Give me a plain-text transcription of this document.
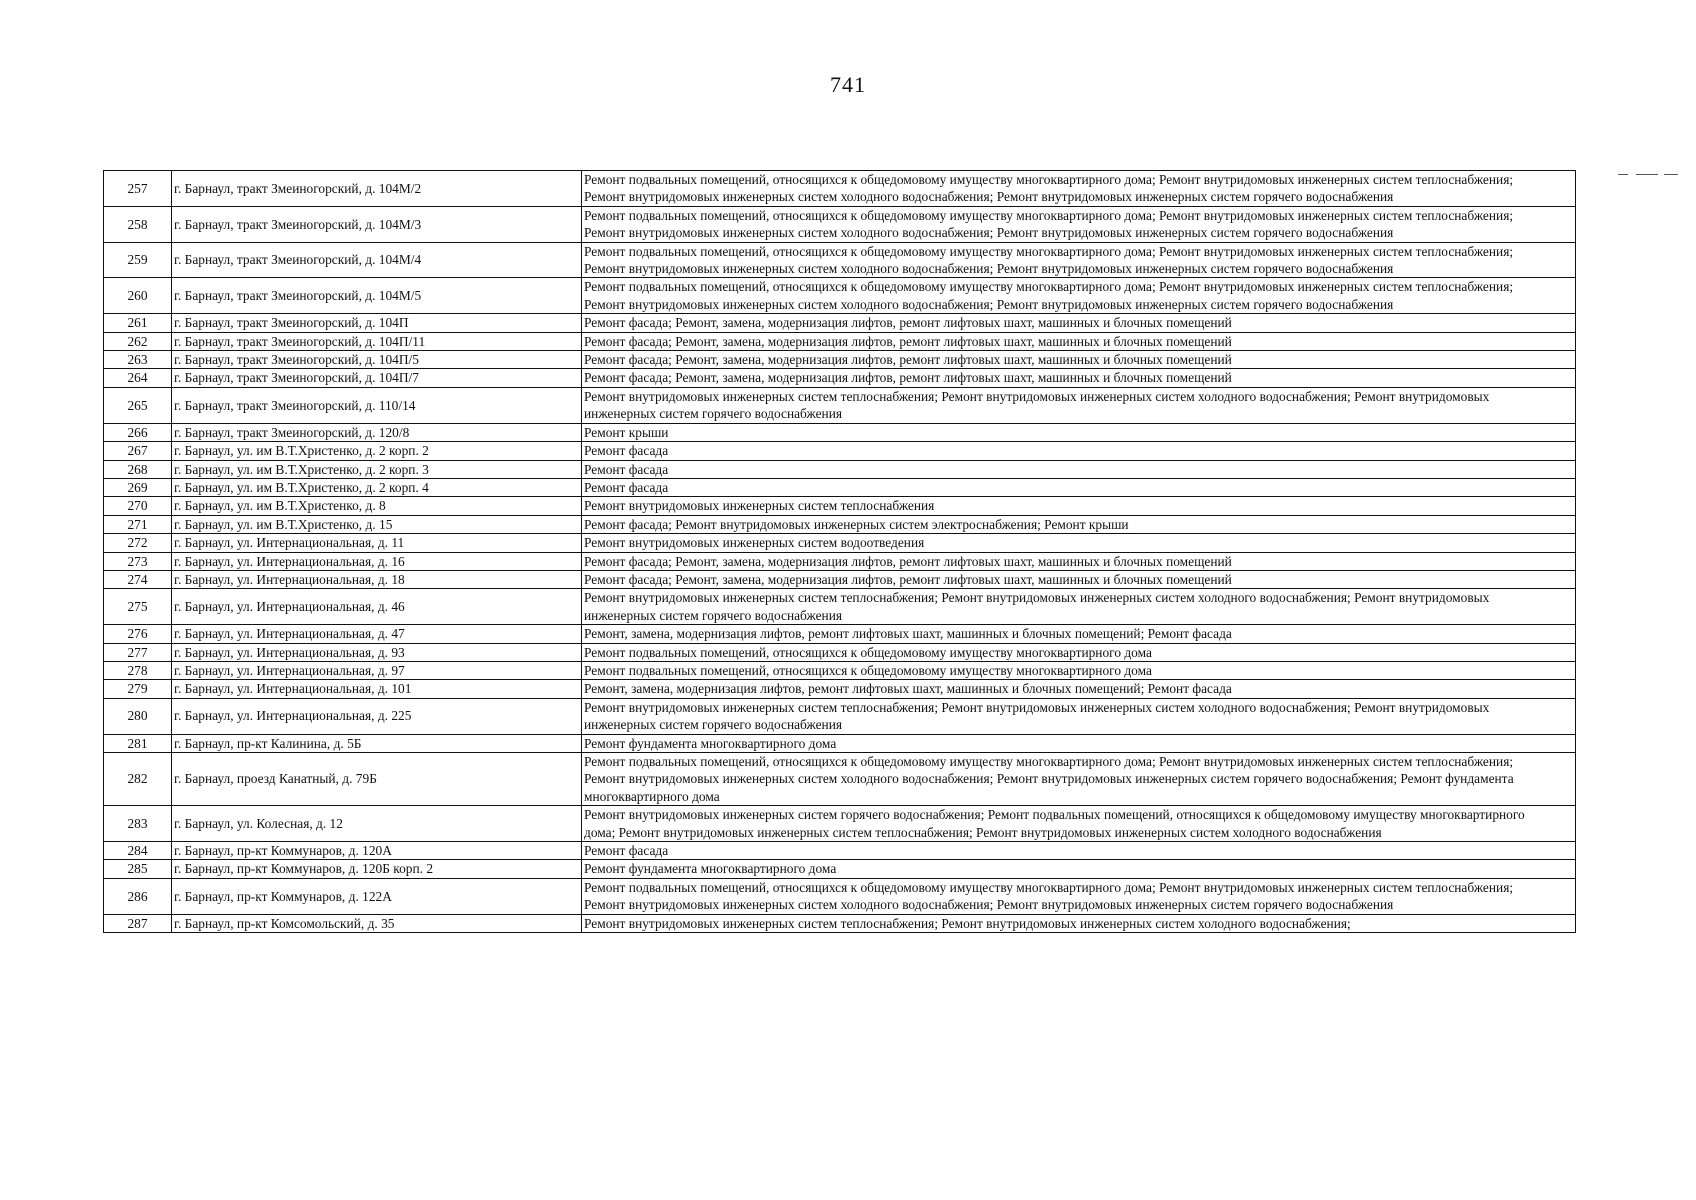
741
257	г. Барнаул, тракт Змеиногорский, д. 104М/2	Ремонт подвальных помещений, относящихся к общедомовому имуществу многоквартирного дома; Ремонт внутридомовых инженерных систем теплоснабжения; Ремонт внутридомовых инженерных систем холодного водоснабжения; Ремонт внутридомовых инженерных систем горячего водоснабжения
258	г. Барнаул, тракт Змеиногорский, д. 104М/3	Ремонт подвальных помещений, относящихся к общедомовому имуществу многоквартирного дома; Ремонт внутридомовых инженерных систем теплоснабжения; Ремонт внутридомовых инженерных систем холодного водоснабжения; Ремонт внутридомовых инженерных систем горячего водоснабжения
259	г. Барнаул, тракт Змеиногорский, д. 104М/4	Ремонт подвальных помещений, относящихся к общедомовому имуществу многоквартирного дома; Ремонт внутридомовых инженерных систем теплоснабжения; Ремонт внутридомовых инженерных систем холодного водоснабжения; Ремонт внутридомовых инженерных систем горячего водоснабжения
260	г. Барнаул, тракт Змеиногорский, д. 104М/5	Ремонт подвальных помещений, относящихся к общедомовому имуществу многоквартирного дома; Ремонт внутридомовых инженерных систем теплоснабжения; Ремонт внутридомовых инженерных систем холодного водоснабжения; Ремонт внутридомовых инженерных систем горячего водоснабжения
261	г. Барнаул, тракт Змеиногорский, д. 104П	Ремонт фасада; Ремонт, замена, модернизация лифтов, ремонт лифтовых шахт, машинных и блочных помещений
262	г. Барнаул, тракт Змеиногорский, д. 104П/11	Ремонт фасада; Ремонт, замена, модернизация лифтов, ремонт лифтовых шахт, машинных и блочных помещений
263	г. Барнаул, тракт Змеиногорский, д. 104П/5	Ремонт фасада; Ремонт, замена, модернизация лифтов, ремонт лифтовых шахт, машинных и блочных помещений
264	г. Барнаул, тракт Змеиногорский, д. 104П/7	Ремонт фасада; Ремонт, замена, модернизация лифтов, ремонт лифтовых шахт, машинных и блочных помещений
265	г. Барнаул, тракт Змеиногорский, д. 110/14	Ремонт внутридомовых инженерных систем теплоснабжения; Ремонт внутридомовых инженерных систем холодного водоснабжения; Ремонт внутридомовых инженерных систем горячего водоснабжения
266	г. Барнаул, тракт Змеиногорский, д. 120/8	Ремонт крыши
267	г. Барнаул, ул. им В.Т.Христенко, д. 2 корп. 2	Ремонт фасада
268	г. Барнаул, ул. им В.Т.Христенко, д. 2 корп. 3	Ремонт фасада
269	г. Барнаул, ул. им В.Т.Христенко, д. 2 корп. 4	Ремонт фасада
270	г. Барнаул, ул. им В.Т.Христенко, д. 8	Ремонт внутридомовых инженерных систем теплоснабжения
271	г. Барнаул, ул. им В.Т.Христенко, д. 15	Ремонт фасада; Ремонт внутридомовых инженерных систем электроснабжения; Ремонт крыши
272	г. Барнаул, ул. Интернациональная, д. 11	Ремонт внутридомовых инженерных систем водоотведения
273	г. Барнаул, ул. Интернациональная, д. 16	Ремонт фасада; Ремонт, замена, модернизация лифтов, ремонт лифтовых шахт, машинных и блочных помещений
274	г. Барнаул, ул. Интернациональная, д. 18	Ремонт фасада; Ремонт, замена, модернизация лифтов, ремонт лифтовых шахт, машинных и блочных помещений
275	г. Барнаул, ул. Интернациональная, д. 46	Ремонт внутридомовых инженерных систем теплоснабжения; Ремонт внутридомовых инженерных систем холодного водоснабжения; Ремонт внутридомовых инженерных систем горячего водоснабжения
276	г. Барнаул, ул. Интернациональная, д. 47	Ремонт, замена, модернизация лифтов, ремонт лифтовых шахт, машинных и блочных помещений; Ремонт фасада
277	г. Барнаул, ул. Интернациональная, д. 93	Ремонт подвальных помещений, относящихся к общедомовому имуществу многоквартирного дома
278	г. Барнаул, ул. Интернациональная, д. 97	Ремонт подвальных помещений, относящихся к общедомовому имуществу многоквартирного дома
279	г. Барнаул, ул. Интернациональная, д. 101	Ремонт, замена, модернизация лифтов, ремонт лифтовых шахт, машинных и блочных помещений; Ремонт фасада
280	г. Барнаул, ул. Интернациональная, д. 225	Ремонт внутридомовых инженерных систем теплоснабжения; Ремонт внутридомовых инженерных систем холодного водоснабжения; Ремонт внутридомовых инженерных систем горячего водоснабжения
281	г. Барнаул, пр-кт Калинина, д. 5Б	Ремонт фундамента многоквартирного дома
282	г. Барнаул, проезд Канатный, д. 79Б	Ремонт подвальных помещений, относящихся к общедомовому имуществу многоквартирного дома; Ремонт внутридомовых инженерных систем теплоснабжения; Ремонт внутридомовых инженерных систем холодного водоснабжения; Ремонт внутридомовых инженерных систем горячего водоснабжения; Ремонт фундамента многоквартирного дома
283	г. Барнаул, ул. Колесная, д. 12	Ремонт внутридомовых инженерных систем горячего водоснабжения; Ремонт подвальных помещений, относящихся к общедомовому имуществу многоквартирного дома; Ремонт внутридомовых инженерных систем теплоснабжения; Ремонт внутридомовых инженерных систем холодного водоснабжения
284	г. Барнаул, пр-кт Коммунаров, д. 120А	Ремонт фасада
285	г. Барнаул, пр-кт Коммунаров, д. 120Б корп. 2	Ремонт фундамента многоквартирного дома
286	г. Барнаул, пр-кт Коммунаров, д. 122А	Ремонт подвальных помещений, относящихся к общедомовому имуществу многоквартирного дома; Ремонт внутридомовых инженерных систем теплоснабжения; Ремонт внутридомовых инженерных систем холодного водоснабжения; Ремонт внутридомовых инженерных систем горячего водоснабжения
287	г. Барнаул, пр-кт Комсомольский, д. 35	Ремонт внутридомовых инженерных систем теплоснабжения; Ремонт внутридомовых инженерных систем холодного водоснабжения;
